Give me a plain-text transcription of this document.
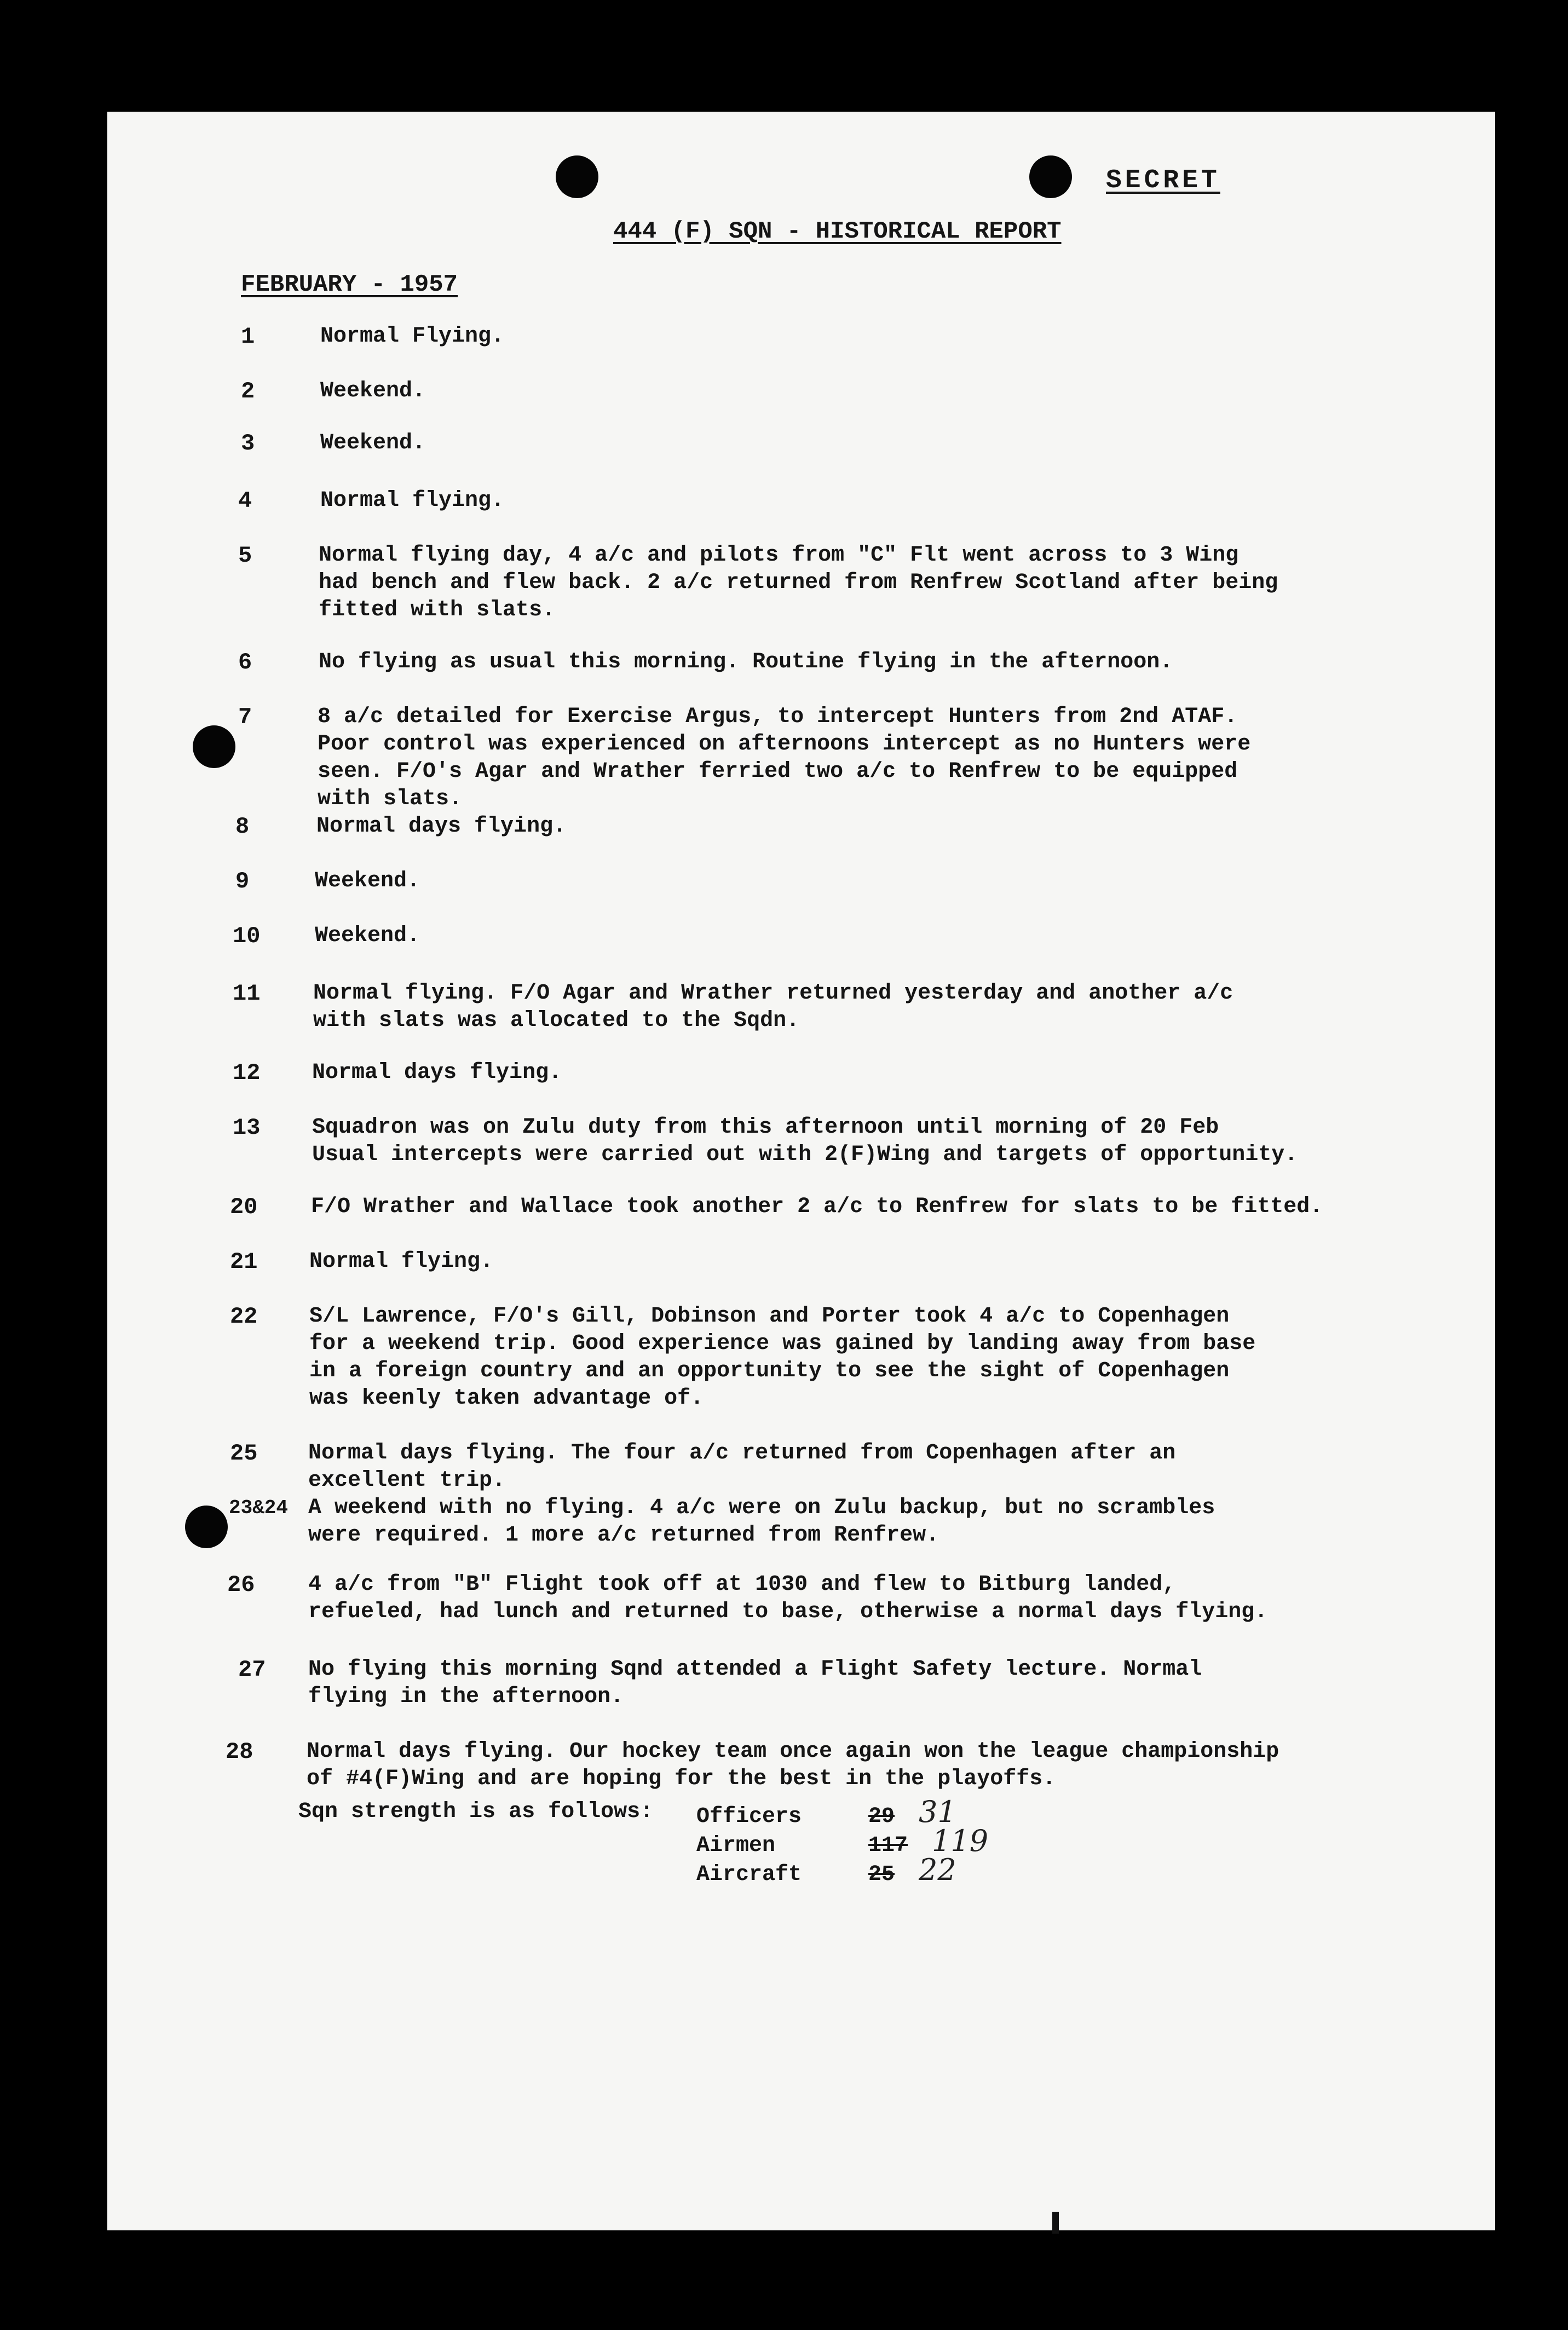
SECRET
444 (F) SQN - HISTORICAL REPORT
FEBRUARY - 1957
1	Normal Flying.
2	Weekend.
3	Weekend.
4	Normal flying.
5	Normal flying day, 4 a/c and pilots from "C" Flt went across to 3 Wing
had bench and flew back. 2 a/c returned from Renfrew Scotland after being
fitted with slats.
6	No flying as usual this morning. Routine flying in the afternoon.
7	8 a/c detailed for Exercise Argus, to intercept Hunters from 2nd ATAF.
Poor control was experienced on afternoons intercept as no Hunters were
seen. F/O's Agar and Wrather ferried two a/c to Renfrew to be equipped
with slats.
8	Normal days flying.
9	Weekend.
10 Weekend.
11 Normal flying. F/O Agar and Wrather returned yesterday and another a/c
with slats was allocated to the Sqdn.
12 Normal days flying.
13 Squadron was on Zulu duty from this afternoon until morning of 20 Feb
Usual intercepts were carried out with 2(F)Wing and targets of opportunity.
20 F/O Wrather and Wallace took another 2 a/c to Renfrew for slats to be fitted.
21 Normal flying.
22 S/L Lawrence, F/O's Gill, Dobinson and Porter took 4 a/c to Copenhagen
for a weekend trip. Good experience was gained by landing away from base
in a foreign country and an opportunity to see the sight of Copenhagen
was keenly taken advantage of.
25 Normal days flying. The four a/c returned from Copenhagen after an
excellent trip.
23&24 A weekend with no flying. 4 a/c were on Zulu backup, but no scrambles
were required. 1 more a/c returned from Renfrew.
26 4 a/c from "B" Flight took off at 1030 and flew to Bitburg landed,
refueled, had lunch and returned to base, otherwise a normal days flying.
27 No flying this morning Sqnd attended a Flight Safety lecture. Normal
flying in the afternoon.
28 Normal days flying. Our hockey team once again won the league championship
of #4(F)Wing and are hoping for the best in the playoffs.
Sqn strength is as follows: Officers	29 31
Airmen	117 119
Aircraft	25 22
